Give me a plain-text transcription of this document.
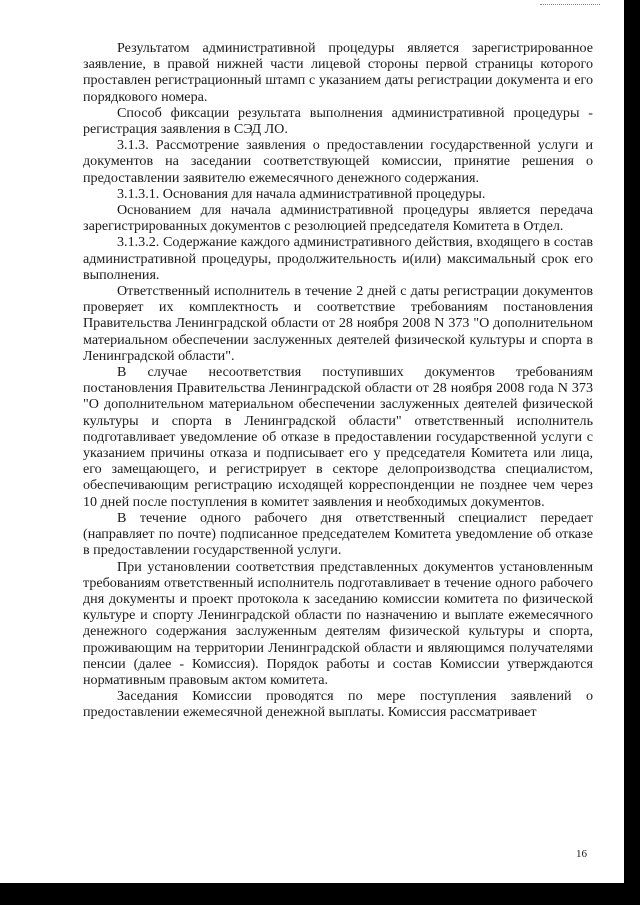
Результатом административной процедуры является зарегистрированное заявление, в правой нижней части лицевой стороны первой страницы которого проставлен регистрационный штамп с указанием даты регистрации документа и его порядкового номера.

Способ фиксации результата выполнения административной процедуры - регистрация заявления в СЭД ЛО.

3.1.3. Рассмотрение заявления о предоставлении государственной услуги и документов на заседании соответствующей комиссии, принятие решения о предоставлении заявителю ежемесячного денежного содержания.

3.1.3.1. Основания для начала административной процедуры.

Основанием для начала административной процедуры является передача зарегистрированных документов с резолюцией председателя Комитета в Отдел.

3.1.3.2. Содержание каждого административного действия, входящего в состав административной процедуры, продолжительность и(или) максимальный срок его выполнения.

Ответственный исполнитель в течение 2 дней с даты регистрации документов проверяет их комплектность и соответствие требованиям постановления Правительства Ленинградской области от 28 ноября 2008 N 373 "О дополнительном материальном обеспечении заслуженных деятелей физической культуры и спорта в Ленинградской области".

В случае несоответствия поступивших документов требованиям постановления Правительства Ленинградской области от 28 ноября 2008 года N 373 "О дополнительном материальном обеспечении заслуженных деятелей физической культуры и спорта в Ленинградской области" ответственный исполнитель подготавливает уведомление об отказе в предоставлении государственной услуги с указанием причины отказа и подписывает его у председателя Комитета или лица, его замещающего, и регистрирует в секторе делопроизводства специалистом, обеспечивающим регистрацию исходящей корреспонденции не позднее чем через 10 дней после поступления в комитет заявления и необходимых документов.

В течение одного рабочего дня ответственный специалист передает (направляет по почте) подписанное председателем Комитета уведомление об отказе в предоставлении государственной услуги.

При установлении соответствия представленных документов установленным требованиям ответственный исполнитель подготавливает в течение одного рабочего дня документы и проект протокола к заседанию комиссии комитета по физической культуре и спорту Ленинградской области по назначению и выплате ежемесячного денежного содержания заслуженным деятелям физической культуры и спорта, проживающим на территории Ленинградской области и являющимся получателями пенсии (далее - Комиссия). Порядок работы и состав Комиссии утверждаются нормативным правовым актом комитета.

Заседания Комиссии проводятся по мере поступления заявлений о предоставлении ежемесячной денежной выплаты. Комиссия рассматривает

16
